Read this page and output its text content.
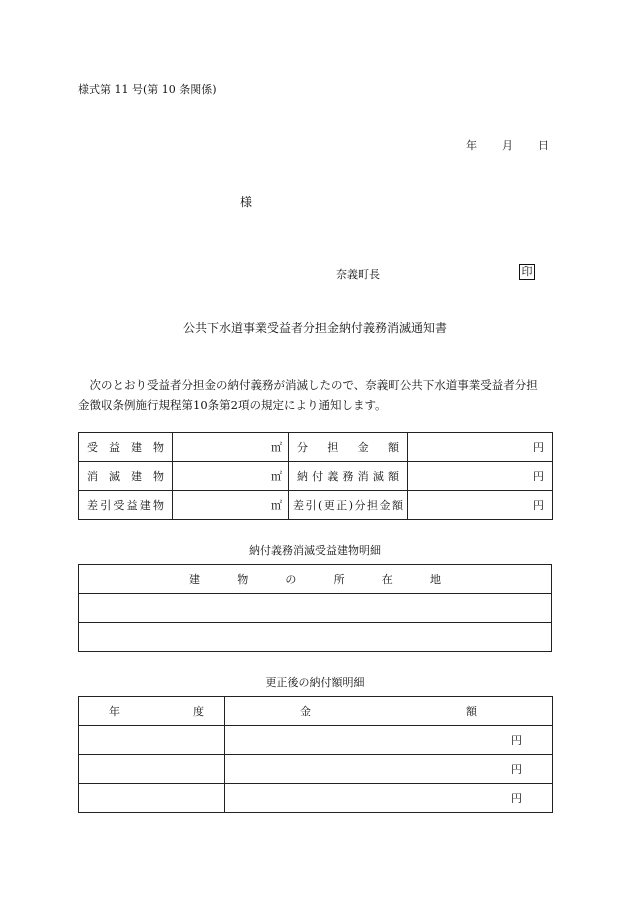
様式第 11 号(第 10 条関係)
年 月 日
様
奈義町長	印
公共下水道事業受益者分担金納付義務消滅通知書

　次のとおり受益者分担金の納付義務が消滅したので、奈義町公共下水道事業受益者分担

金徴収条例施行規程第10条第2項の規定により通知します。

受益建物	㎡	分担金額	円
消滅建物	㎡	納付義務消滅額	円
差引受益建物	㎡	差引(更正)分担金額	円
納付義務消滅受益建物明細
建物の所在地

更正後の納付額明細
年度	金額
	円
	円
	円
